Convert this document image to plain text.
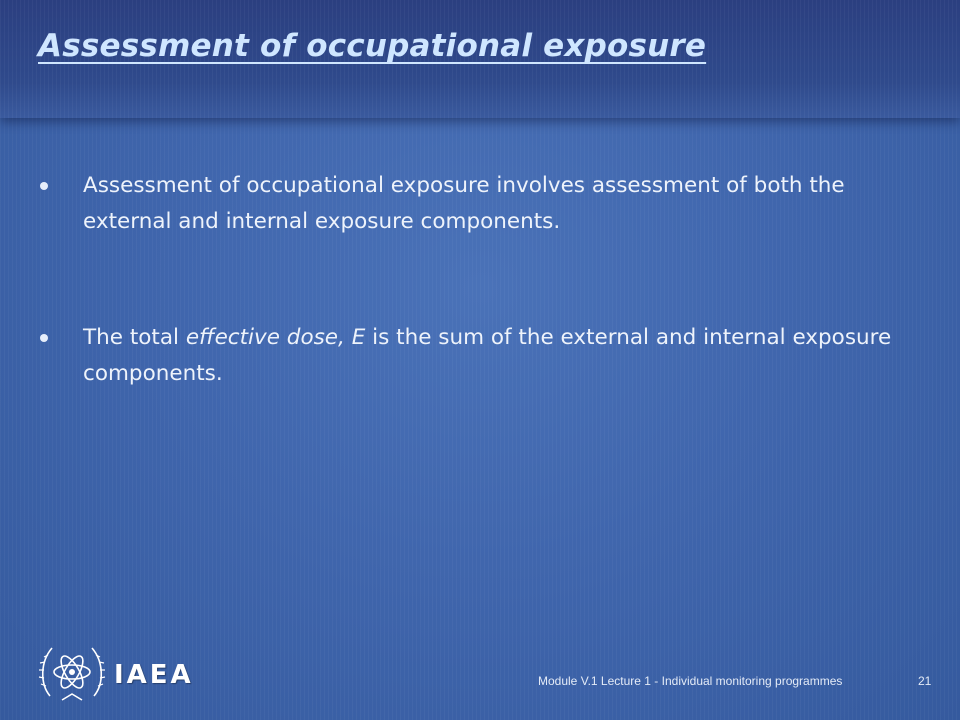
Assessment of occupational exposure
Assessment of occupational exposure involves assessment of both the external and internal exposure components.
The total effective dose, E is the sum of the external and internal exposure components.
IAEA	Module V.1 Lecture 1 - Individual monitoring programmes	21
